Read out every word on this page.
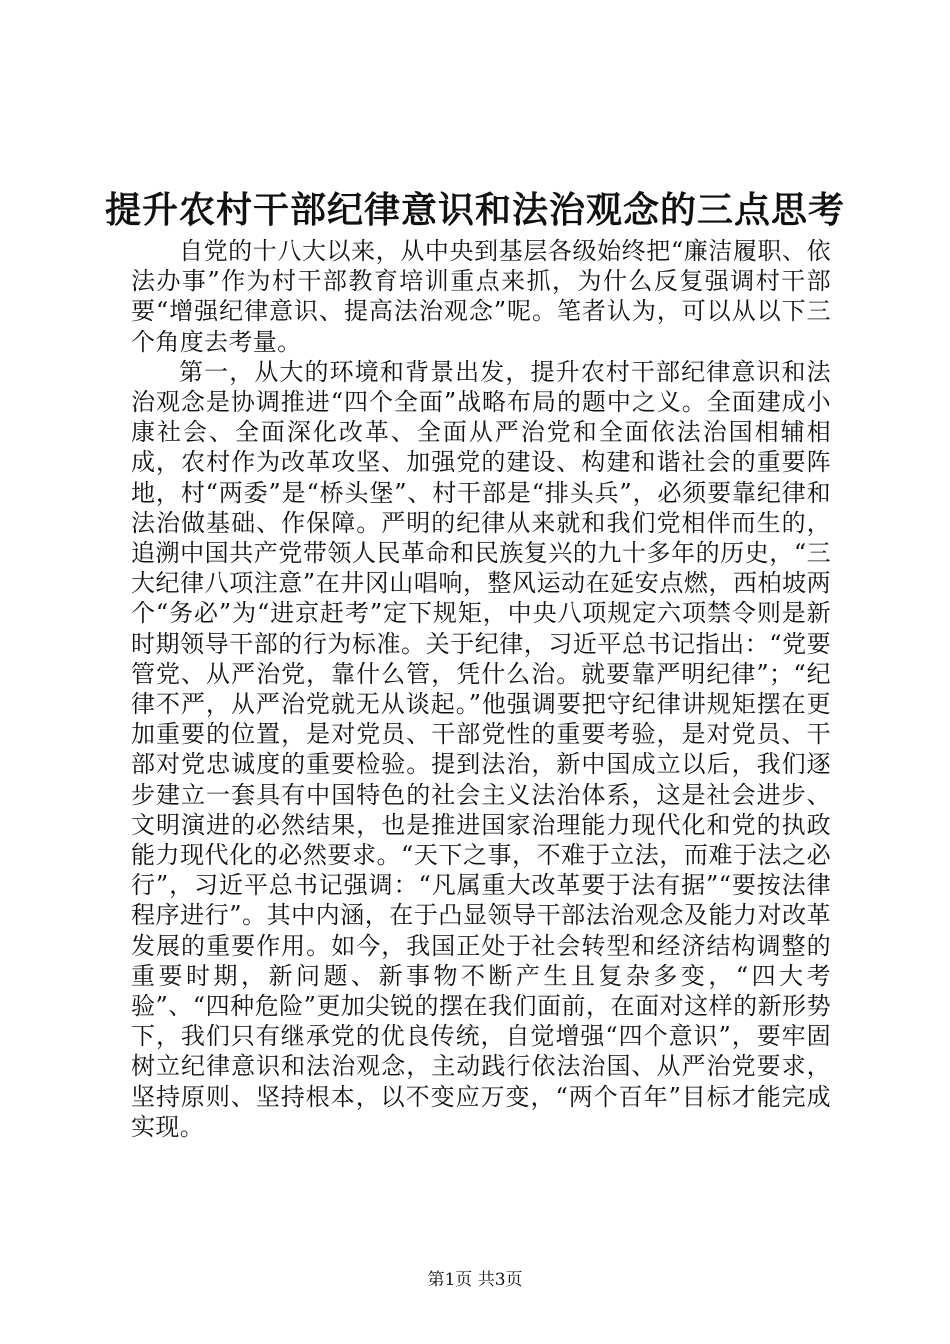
提升农村干部纪律意识和法治观念的三点思考

自党的十八大以来，从中央到基层各级始终把“廉洁履职、依法办事”作为村干部教育培训重点来抓，为什么反复强调村干部要“增强纪律意识、提高法治观念”呢。笔者认为，可以从以下三个角度去考量。

第一，从大的环境和背景出发，提升农村干部纪律意识和法治观念是协调推进“四个全面”战略布局的题中之义。全面建成小康社会、全面深化改革、全面从严治党和全面依法治国相辅相成，农村作为改革攻坚、加强党的建设、构建和谐社会的重要阵地，村“两委”是“桥头堡”、村干部是“排头兵”，必须要靠纪律和法治做基础、作保障。严明的纪律从来就和我们党相伴而生的，追溯中国共产党带领人民革命和民族复兴的九十多年的历史，“三大纪律八项注意”在井冈山唱响，整风运动在延安点燃，西柏坡两个“务必”为“进京赶考”定下规矩，中央八项规定六项禁令则是新时期领导干部的行为标准。关于纪律，习近平总书记指出：“党要管党、从严治党，靠什么管，凭什么治。就要靠严明纪律”；“纪律不严，从严治党就无从谈起。”他强调要把守纪律讲规矩摆在更加重要的位置，是对党员、干部党性的重要考验，是对党员、干部对党忠诚度的重要检验。提到法治，新中国成立以后，我们逐步建立一套具有中国特色的社会主义法治体系，这是社会进步、文明演进的必然结果，也是推进国家治理能力现代化和党的执政能力现代化的必然要求。“天下之事，不难于立法，而难于法之必行”，习近平总书记强调：“凡属重大改革要于法有据”“要按法律程序进行”。其中内涵，在于凸显领导干部法治观念及能力对改革发展的重要作用。如今，我国正处于社会转型和经济结构调整的重要时期，新问题、新事物不断产生且复杂多变，“四大考验”、“四种危险”更加尖锐的摆在我们面前，在面对这样的新形势下，我们只有继承党的优良传统，自觉增强“四个意识”，要牢固树立纪律意识和法治观念，主动践行依法治国、从严治党要求，坚持原则、坚持根本，以不变应万变，“两个百年”目标才能完成实现。

第1页 共3页
